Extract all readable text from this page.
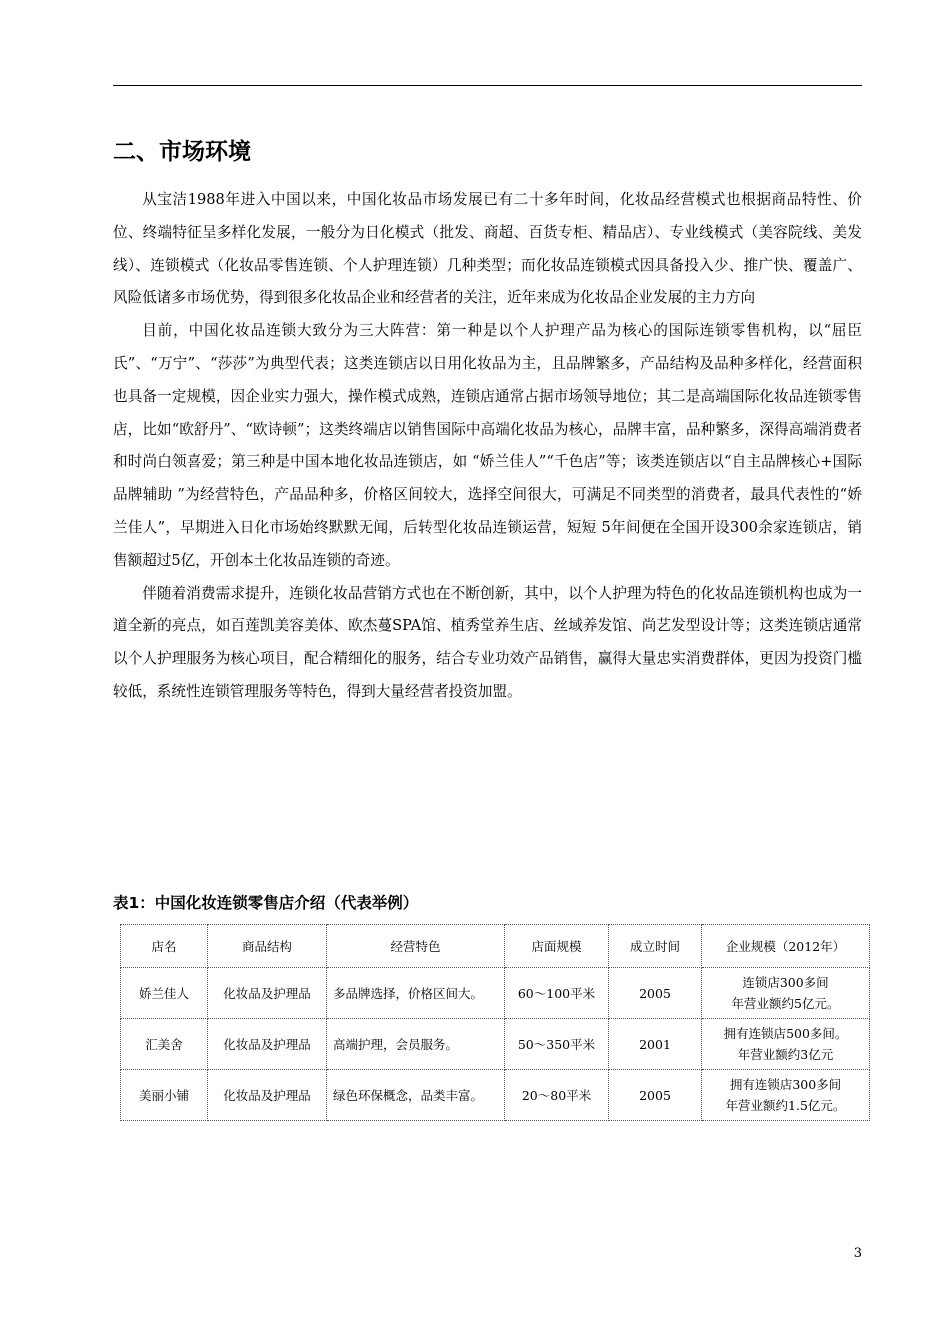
二、市场环境

从宝洁1988年进入中国以来，中国化妆品市场发展已有二十多年时间，化妆品经营模式也根据商品特性、价位、终端特征呈多样化发展，一般分为日化模式（批发、商超、百货专柜、精品店）、专业线模式（美容院线、美发线）、连锁模式（化妆品零售连锁、个人护理连锁）几种类型；而化妆品连锁模式因具备投入少、推广快、覆盖广、风险低诸多市场优势，得到很多化妆品企业和经营者的关注，近年来成为化妆品企业发展的主力方向

目前，中国化妆品连锁大致分为三大阵营：第一种是以个人护理产品为核心的国际连锁零售机构，以“屈臣氏”、“万宁”、“莎莎”为典型代表；这类连锁店以日用化妆品为主，且品牌繁多，产品结构及品种多样化，经营面积也具备一定规模，因企业实力强大，操作模式成熟，连锁店通常占据市场领导地位；其二是高端国际化妆品连锁零售店，比如“欧舒丹”、“欧诗顿”；这类终端店以销售国际中高端化妆品为核心，品牌丰富，品种繁多，深得高端消费者和时尚白领喜爱；第三种是中国本地化妆品连锁店，如 “娇兰佳人”“千色店”等；该类连锁店以“自主品牌核心+国际品牌辅助 ”为经营特色，产品品种多，价格区间较大，选择空间很大，可满足不同类型的消费者，最具代表性的“娇兰佳人”，早期进入日化市场始终默默无闻，后转型化妆品连锁运营，短短 5年间便在全国开设300余家连锁店，销售额超过5亿，开创本土化妆品连锁的奇迹。

伴随着消费需求提升，连锁化妆品营销方式也在不断创新，其中，以个人护理为特色的化妆品连锁机构也成为一道全新的亮点，如百莲凯美容美体、欧杰蔓SPA馆、植秀堂养生店、丝域养发馆、尚艺发型设计等；这类连锁店通常以个人护理服务为核心项目，配合精细化的服务，结合专业功效产品销售，赢得大量忠实消费群体，更因为投资门槛较低，系统性连锁管理服务等特色，得到大量经营者投资加盟。

表1：中国化妆连锁零售店介绍（代表举例）
店名	商品结构	经营特色	店面规模	成立时间	企业规模（2012年）
娇兰佳人	化妆品及护理品	多品牌选择，价格区间大。	60～100平米	2005	连锁店300多间
年营业额约5亿元。

汇美舍	化妆品及护理品	高端护理，会员服务。	50～350平米	2001	拥有连锁店500多间。
年营业额约3亿元

美丽小铺	化妆品及护理品	绿色环保概念，品类丰富。	20～80平米	2005	拥有连锁店300多间
年营业额约1.5亿元。
3
